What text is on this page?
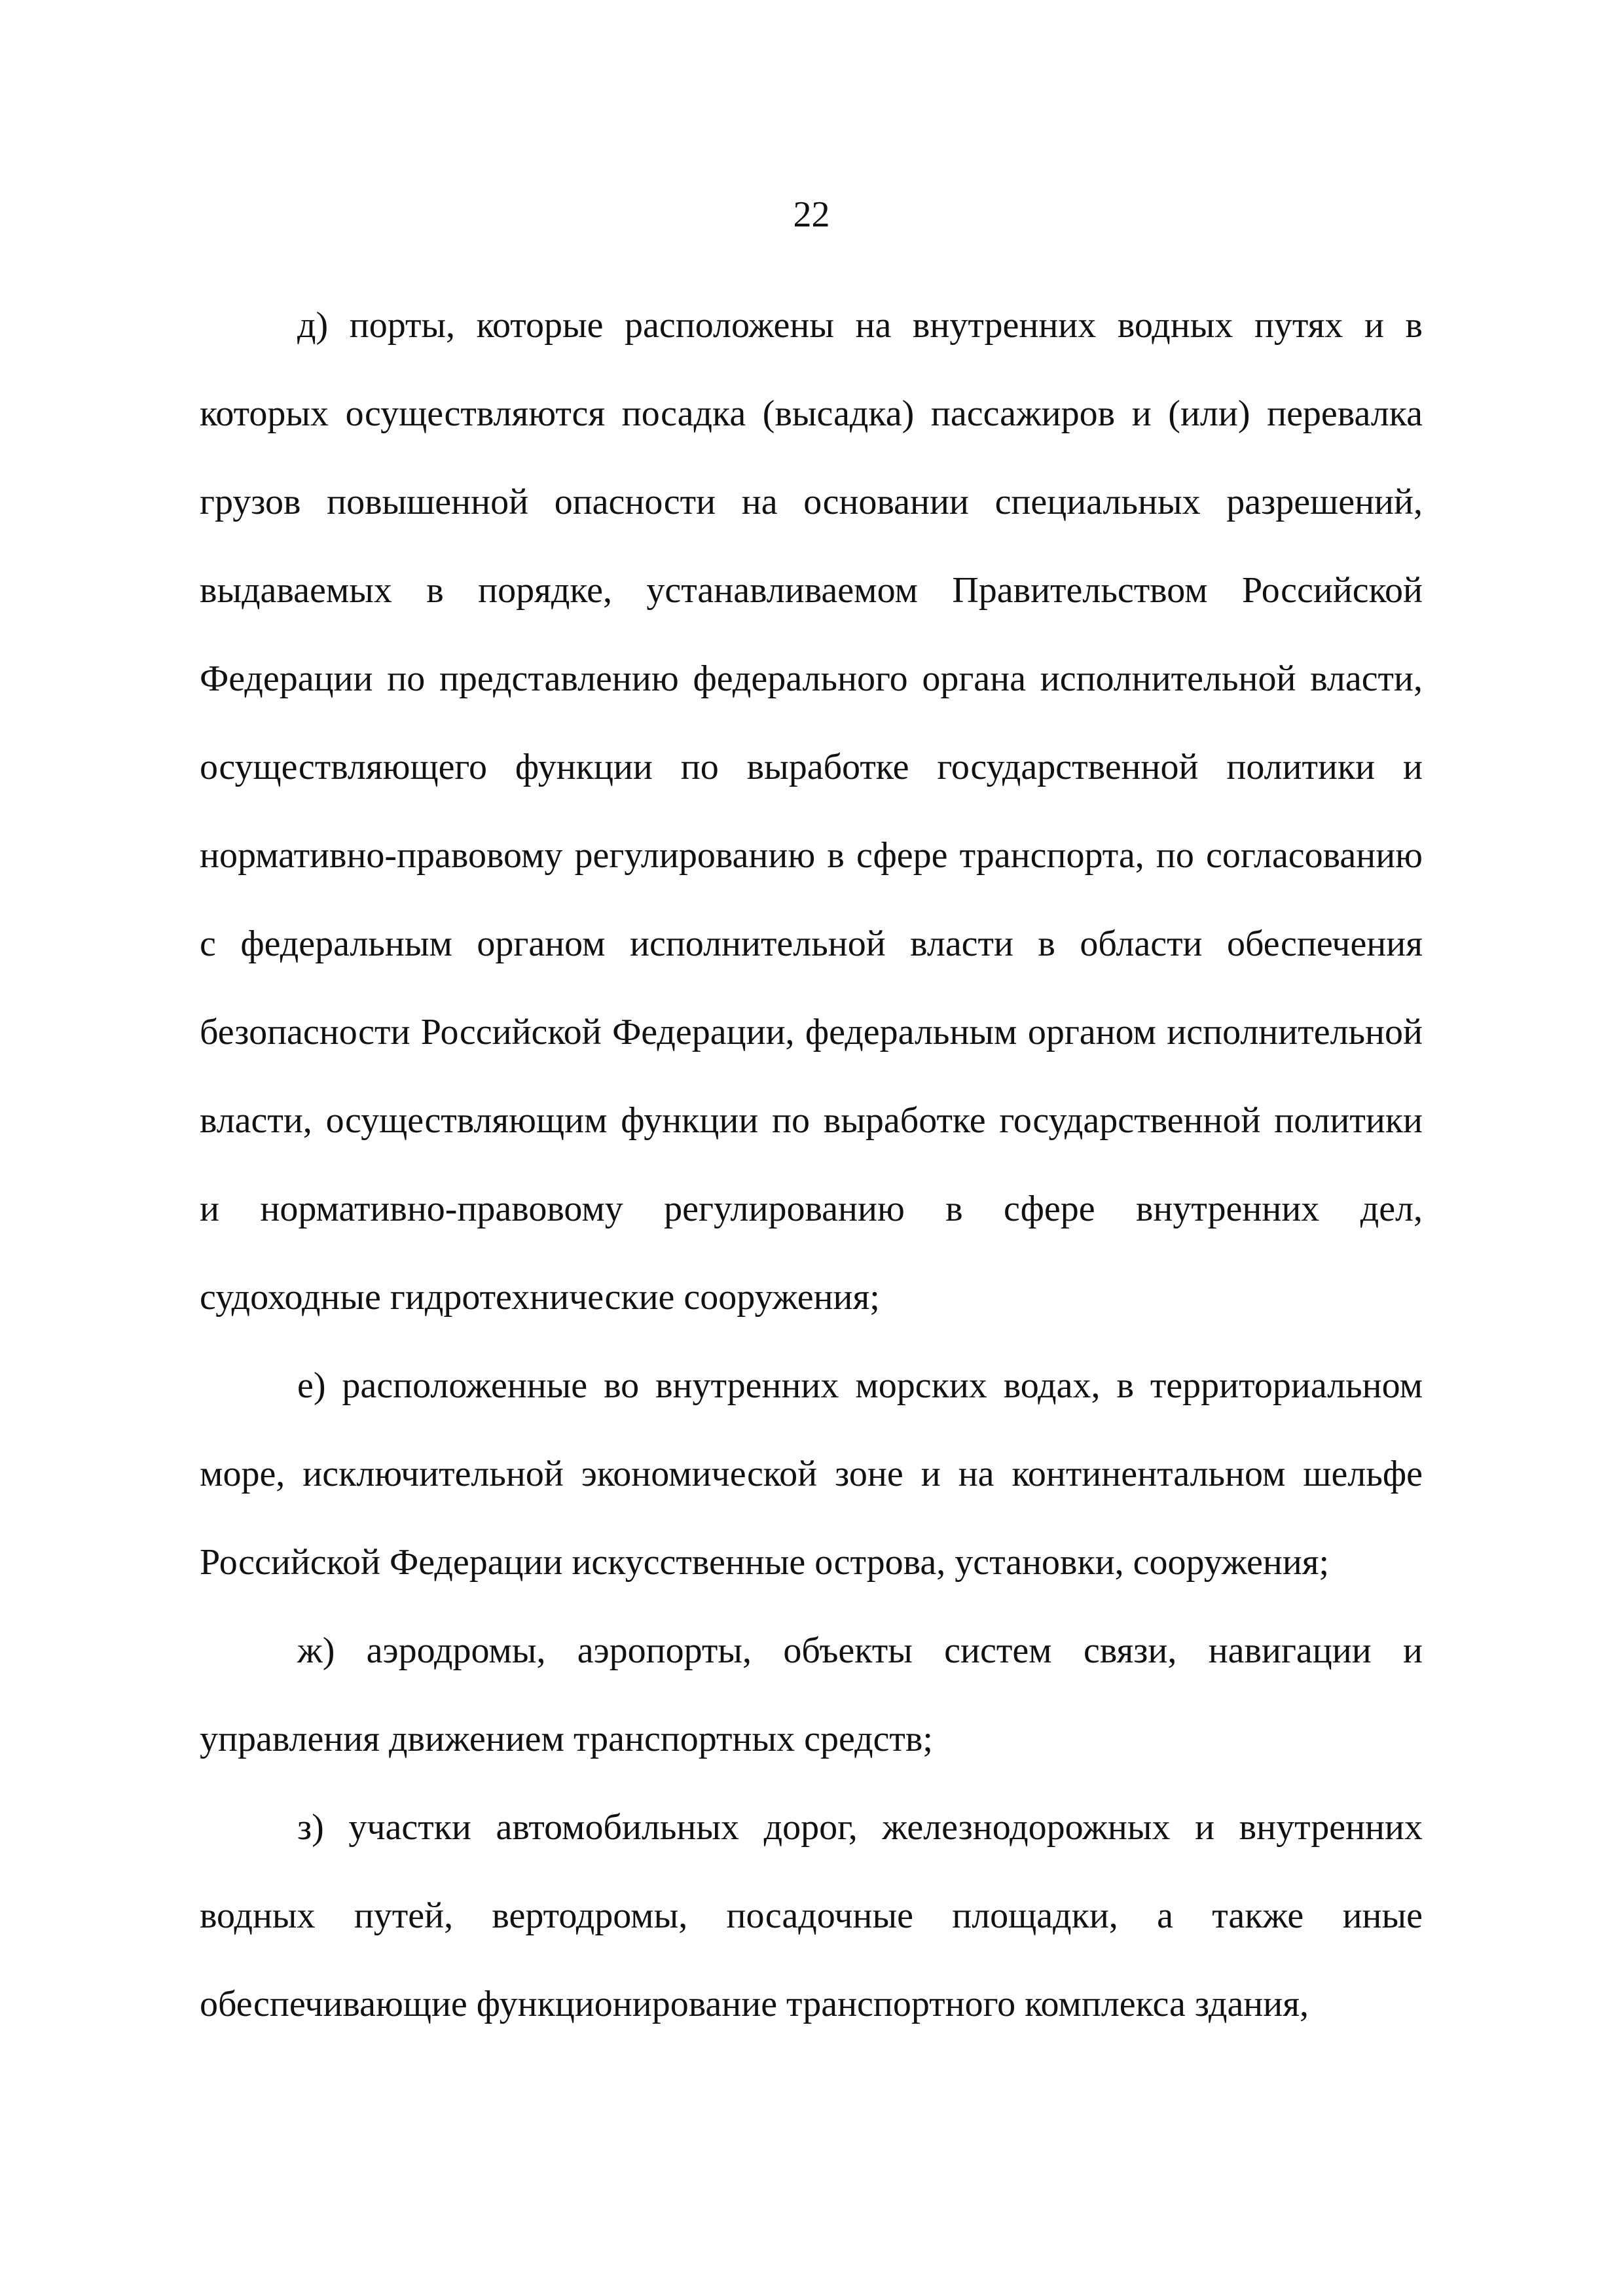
22

д) порты, которые расположены на внутренних водных путях и в которых осуществляются посадка (высадка) пассажиров и (или) перевалка грузов повышенной опасности на основании специальных разрешений, выдаваемых в порядке, устанавливаемом Правительством Российской Федерации по представлению федерального органа исполнительной власти, осуществляющего функции по выработке государственной политики и нормативно-правовому регулированию в сфере транспорта, по согласованию с федеральным органом исполнительной власти в области обеспечения безопасности Российской Федерации, федеральным органом исполнительной власти, осуществляющим функции по выработке государственной политики и нормативно-правовому регулированию в сфере внутренних дел, судоходные гидротехнические сооружения;

е) расположенные во внутренних морских водах, в территориальном море, исключительной экономической зоне и на континентальном шельфе Российской Федерации искусственные острова, установки, сооружения;

ж) аэродромы, аэропорты, объекты систем связи, навигации и управления движением транспортных средств;

з) участки автомобильных дорог, железнодорожных и внутренних водных путей, вертодромы, посадочные площадки, а также иные обеспечивающие функционирование транспортного комплекса здания,
